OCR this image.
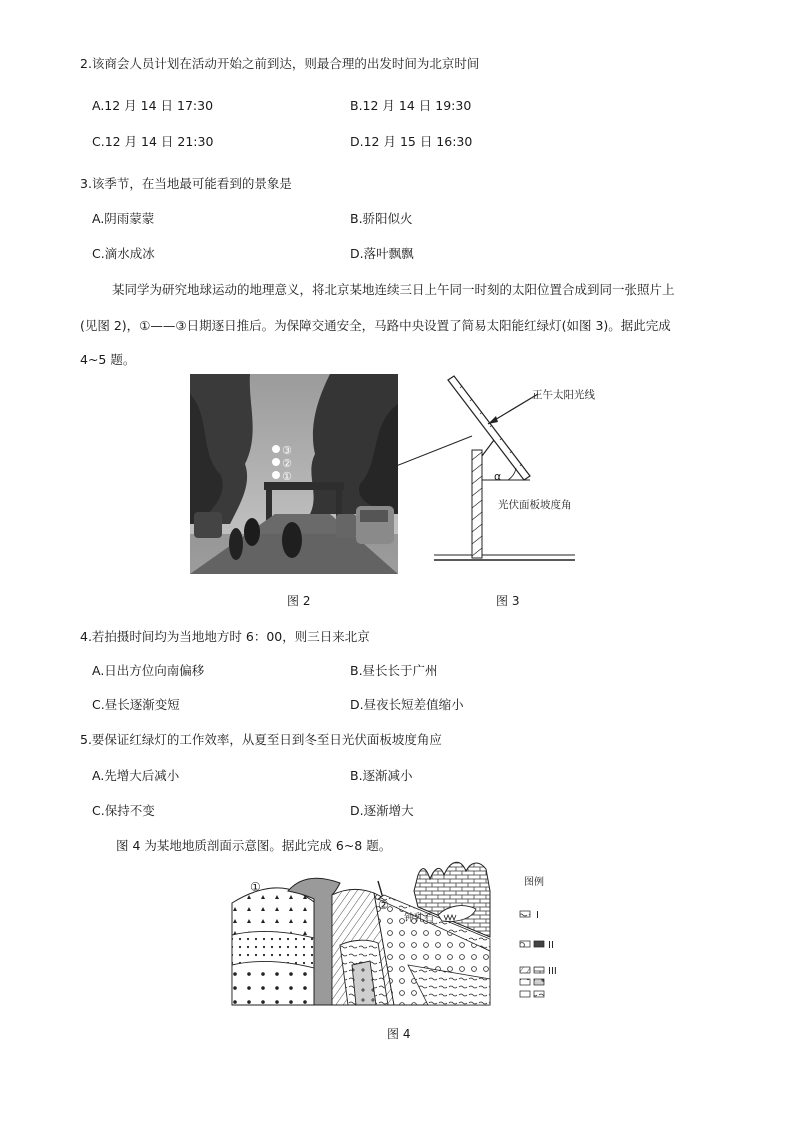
2.该商会人员计划在活动开始之前到达，则最合理的出发时间为北京时间
A.12 月 14 日 17:30	B.12 月 14 日 19:30
C.12 月 14 日 21:30	D.12 月 15 日 16:30
3.该季节，在当地最可能看到的景象是
A.阴雨蒙蒙	B.骄阳似火
C.滴水成冰	D.落叶飘飘
某同学为研究地球运动的地理意义，将北京某地连续三日上午同一时刻的太阳位置合成到同一张照片上
(见图 2)，①——③日期逐日推后。为保障交通安全，马路中央设置了简易太阳能红绿灯(如图 3)。据此完成
4~5 题。
③
②
①	α
正午太阳光线
光伏面板坡度角
图 2	图 3
4.若拍摄时间均为当地地方时 6：00，则三日来北京
A.日出方位向南偏移	B.昼长长于广州
C.昼长逐渐变短	D.昼夜长短差值缩小
5.要保证红绿灯的工作效率，从夏至日到冬至日光伏面板坡度角应
A.先增大后减小	B.逐渐减小
C.保持不变	D.逐渐增大
图 4 为某地地质剖面示意图。据此完成 6~8 题。
①
②
钟乳石
图例
I
II
III
图 4
